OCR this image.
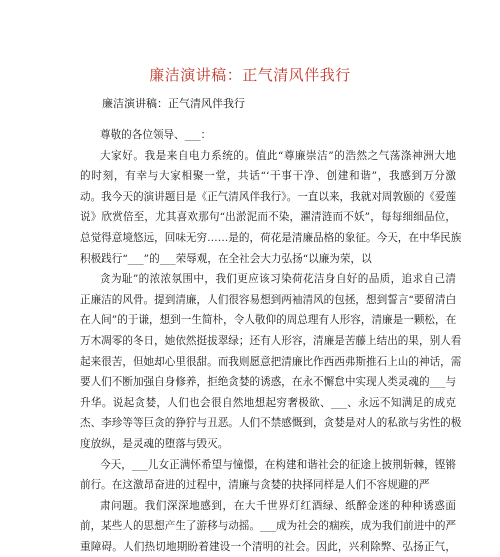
廉洁演讲稿：正气清风伴我行
廉洁演讲稿：正气清风伴我行
尊敬的各位领导、___：
大家好。我是来自电力系统的。值此“尊廉崇洁”的浩然之气荡涤神洲大地
的时刻，有幸与大家相聚一堂，共话“‘干事干净、创建和谐”，我感到万分激
动。我今天的演讲题目是《正气清风伴我行》。一直以来，我就对周敦颐的《爱莲
说》欣赏倍至，尤其喜欢那句“出淤泥而不染，濯清涟而不妖”，每每细细品位，
总觉得意境悠远，回味无穷……是的，荷花是清廉品格的象征。今天，在中华民族
积极践行“___”的___荣辱观，在全社会大力弘扬“以廉为荣，以
贪为耻”的浓浓氛围中，我们更应该习染荷花洁身自好的品质，追求自己清
正廉洁的风骨。提到清廉，人们很容易想到两袖清风的包拯，想到誓言“要留清白
在人间”的于谦，想到一生简朴，令人敬仰的周总理有人形容，清廉是一颗松，在
万木凋零的冬日，她依然挺拔翠绿；还有人形容，清廉是苦藤上结出的果，别人看
起来很苦，但她却心里很甜。而我则愿意把清廉比作西西弗斯推石上山的神话，需
要人们不断加强自身修养，拒绝贪婪的诱惑，在永不懈怠中实现人类灵魂的___与
升华。说起贪婪，人们也会很自然地想起穷奢极欲、___、永远不知满足的成克
杰、李珍等等巨贪的狰狞与丑恶。人们不禁感慨到，贪婪是对人的私欲与劣性的极
度放纵，是灵魂的堕落与毁灭。
今天，___儿女正满怀希望与憧憬，在构建和谐社会的征途上披荆斩棘，铿锵
前行。在这激昂奋进的过程中，清廉与贪婪的抉择同样是人们不容规避的严
肃问题。我们深深地感到，在大千世界灯红酒绿、纸醉金迷的种种诱惑面
前，某些人的思想产生了游移与动摇。___成为社会的痼疾，成为我们前进中的严
重障碍。人们热切地期盼着建设一个清明的社会。因此，兴利除弊、弘扬正气，
